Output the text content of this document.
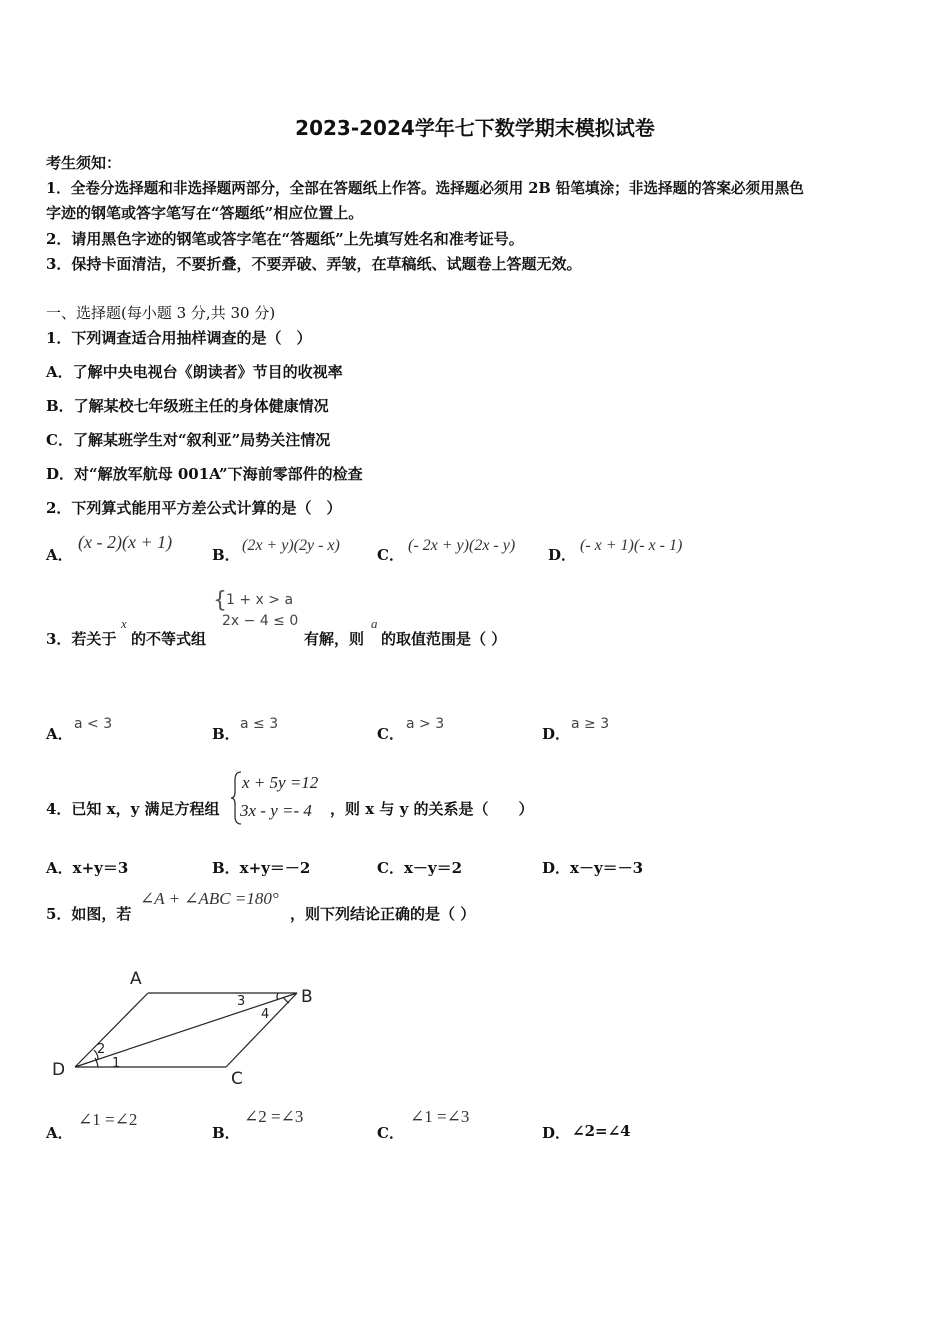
2023-2024学年七下数学期末模拟试卷
考生须知：
1．全卷分选择题和非选择题两部分，全部在答题纸上作答。选择题必须用 2B 铅笔填涂；非选择题的答案必须用黑色
字迹的钢笔或答字笔写在“答题纸”相应位置上。
2．请用黑色字迹的钢笔或答字笔在“答题纸”上先填写姓名和准考证号。
3．保持卡面清洁，不要折叠，不要弄破、弄皱，在草稿纸、试题卷上答题无效。
一、选择题(每小题 3 分,共 30 分)
1．下列调查适合用抽样调查的是（　）
A．了解中央电视台《朗读者》节目的收视率
B．了解某校七年级班主任的身体健康情况
C．了解某班学生对“叙利亚”局势关注情况
D．对“解放军航母 001A”下海前零部件的检查
2．下列算式能用平方差公式计算的是（　）
A．
(x - 2)(x + 1)
B．
(2x + y)(2y - x)
C．
(- 2x + y)(2x - y)
D．
(- x + 1)(- x - 1)
3．若关于
x
的不等式组
{ 1 + x > a
2x − 4 ≤ 0
有解，则
a
的取值范围是（ ）
A．
a < 3
B．
a ≤ 3
C．
a > 3
D．
a ≥ 3
4．已知 x，y 满足方程组
x + 5y =12
3x - y =- 4 ，则 x 与 y 的关系是（　　）
A．x+y＝3	B．x+y＝－2	C．x－y＝2	D．x－y＝－3
5．如图，若
∠A + ∠ABC =180°
，则下列结论正确的是（ ）
A
B
C
D	1
2
3
4
A．
∠1 =∠2
B．
∠2 =∠3
C．
∠1 =∠3
D． ∠2=∠4
